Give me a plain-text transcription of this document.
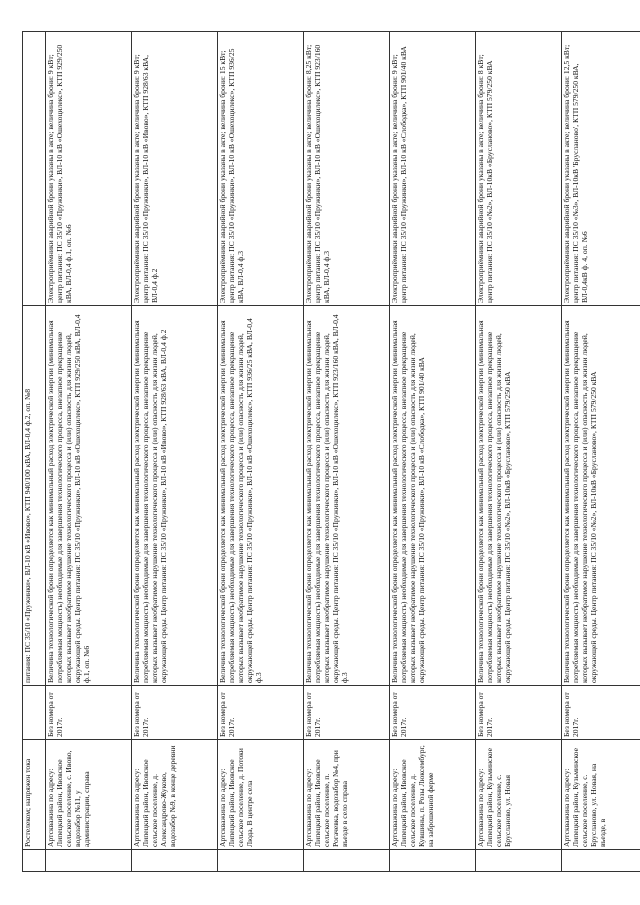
	Ростелеком; напряжен тока		питания: ПС 35/10 «Пружинки», ВЛ-10 кВ «Ивово», КТП 940/100 кВА, ВЛ-0,4 ф.2, оп. №8	
	Артскважина по адресу: Липецкий район, Ивовское сельское поселение, с. Ивово, водозабор №11, у администрации, справа	Без номера от 2017г.	Величина технологической брони определяется как минимальный расход электрической энергии (минимальная потребляемая мощность) необходимые для завершения технологического процесса, внезапное прекращение которых вызывает необратимое нарушение технологического процесса и (или) опасность для жизни людей, окружающей среды. Центр питания: ПС 35/10 «Пружинки», ВЛ-10 кВ «Ошехоцилекс», КТП 929/250 кВА, ВЛ-0,4 ф.1, оп. №6	Электроприёмники аварийной брони указаны в акте; величина брони: 9 кВт; центр питания: ПС 35/10 «Пружинки», ВЛ-10 кВ «Ошехоцилекс», КТП 929/250 кВА, ВЛ-0,4 ф.1, оп. №6
	Артскважина по адресу: Липецкий район, Ивовское сельское поселение, д. Александрово-Жуково, водозабор №9, в конце деревни	Без номера от 2017г.	Величина технологической брони определяется как минимальный расход электрической энергии (минимальная потребляемая мощность) необходимые для завершения технологического процесса, внезапное прекращение которых вызывает необратимое нарушение технологического процесса и (или) опасность для жизни людей, окружающей среды. Центр питания: ПС 35/10 «Пружинки», ВЛ-10 кВ «Ивово», КТП 928/63 кВА, ВЛ-0,4 ф.2	Электроприёмники аварийной брони указаны в акте; величина брони: 9 кВт; центр питания: ПС 35/10 «Пружинки», ВЛ-10 кВ «Ивово», КТП 928/63 кВА, ВЛ-0,4 ф.2
	Артскважина по адресу: Липецкий район, Ивовское сельское поселение, д. Потоки Люда, В центре села	Без номера от 2017г.	Величина технологической брони определяется как минимальный расход электрической энергии (минимальная потребляемая мощность) необходимые для завершения технологического процесса, внезапное прекращение которых вызывает необратимое нарушение технологического процесса и (или) опасность для жизни людей, окружающей среды. Центр питания: ПС 35/10 «Пружинки», ВЛ-10 кВ «Ошехоцилекс», КТП 936/25 кВА, ВЛ-0,4 ф.3	Электроприёмники аварийной брони указаны в акте; величина брони: 15 кВт; центр питания: ПС 35/10 «Пружинки», ВЛ-10 кВ «Ошехоцилекс», КТП 936/25 кВА, ВЛ-0,4 ф.3
	Артскважина по адресу: Липецкий район, Ивовское сельское поселение, п. Рогачевка, водозабор №4, при въезде в село справа	Без номера от 2017г.	Величина технологической брони определяется как минимальный расход электрической энергии (минимальная потребляемая мощность) необходимые для завершения технологического процесса, внезапное прекращение которых вызывает необратимое нарушение технологического процесса и (или) опасность для жизни людей, окружающей среды. Центр питания: ПС 35/10 «Пружинки», ВЛ-10 кВ «Ошехоцилекс», КТП 923/160 кВА, ВЛ-0,4 ф.3	Электроприёмники аварийной брони указаны в акте; величина брони: 8,25 кВт; центр питания: ПС 35/10 «Пружинки», ВЛ-10 кВ «Ошехоцилекс», КТП 923/160 кВА, ВЛ-0,4 ф.3
	Артскважина по адресу: Липецкий район, Ивовское сельское поселение, д. Кувшины, п. Розы Люксембург, на заброшенной ферме	Без номера от 2017г.	Величина технологической брони определяется как минимальный расход электрической энергии (минимальная потребляемая мощность) необходимые для завершения технологического процесса, внезапное прекращение которых вызывает необратимое нарушение технологического процесса и (или) опасность для жизни людей, окружающей среды. Центр питания: ПС 35/10 «Пружинки», ВЛ-10 кВ «Слободка», КТП 901/40 кВА	Электроприёмники аварийной брони указаны в акте; величина брони: 9 кВт; центр питания: ПС 35/10 «Пружинки», ВЛ-10 кВ «Слободка», КТП 901/40 кВА
	Артскважина по адресу: Липецкий район, Кузьминское сельское поселение, с. Брусланово, ул. Новая	Без номера от 2017г.	Величина технологической брони определяется как минимальный расход электрической энергии (минимальная потребляемая мощность) необходимые для завершения технологического процесса, внезапное прекращение которых вызывает необратимое нарушение технологического процесса и (или) опасность для жизни людей, окружающей среды. Центр питания: ПС 35/10 «№2», ВЛ-10кВ «Брусланово», КТП 579/250 кВА	Электроприёмники аварийной брони указаны в акте; величина брони: 8 кВт; центр питания: ПС 35/10 «№2», ВЛ-10кВ «Брусланово», КТП 579/250 кВА
	Артскважина по адресу: Липецкий район, Кузьминское сельское поселение, с. Брусланово, ул. Новая, на въезде, в	Без номера от 2017г.	Величина технологической брони определяется как минимальный расход электрической энергии (минимальная потребляемая мощность) необходимые для завершения технологического процесса, внезапное прекращение которых вызывает необратимое нарушение технологического процесса и (или) опасность для жизни людей, окружающей среды. Центр питания: ПС 35/10 «№2», ВЛ-10кВ «Брусланово», КТП 579/250 кВА	Электроприёмники аварийной брони указаны в акте; величина брони: 12,5 кВт; центр питания: ПС 35/10 «№3», ВЛ-10кВ 'Брусланово', КТП 579/250 кВА, ВЛ-0,4кВ ф. 4, оп. №6
